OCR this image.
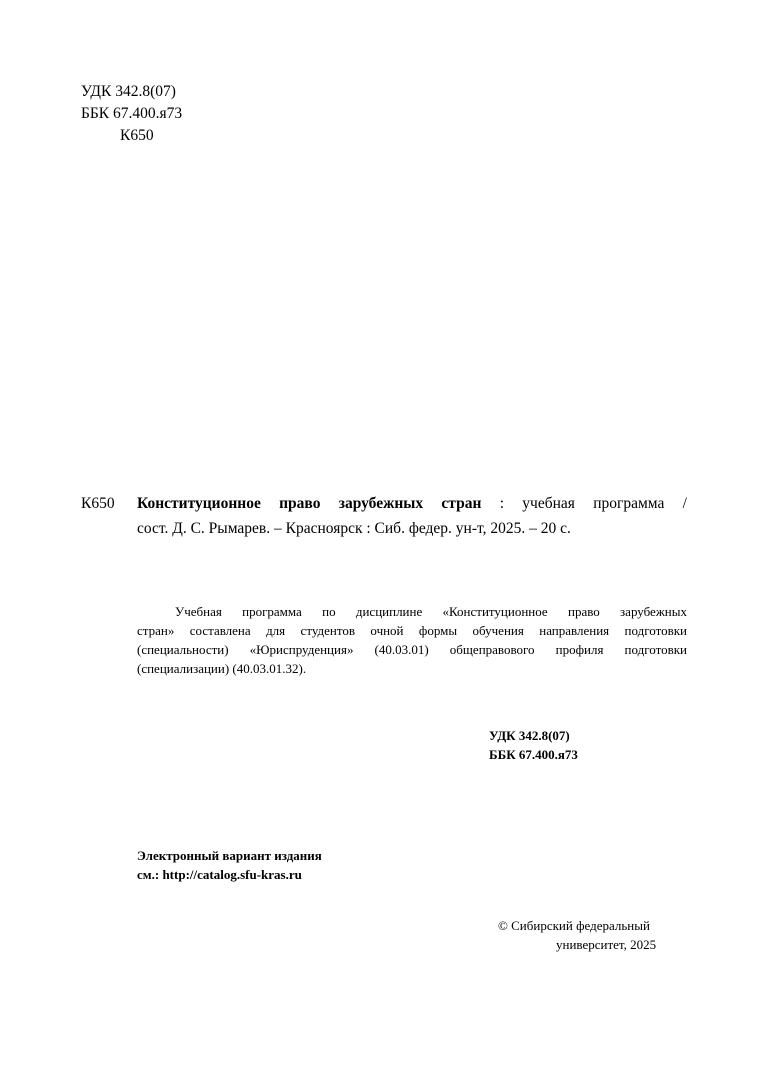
УДК 342.8(07)
ББК 67.400.я73
К650
К650 Конституционное право зарубежных стран : учебная программа /
сост. Д. С. Рымарев. – Красноярск : Сиб. федер. ун-т, 2025. – 20 с.
Учебная программа по дисциплине «Конституционное право зарубежных
стран» составлена для студентов очной формы обучения направления подготовки
(специальности) «Юриспруденция» (40.03.01) общеправового профиля подготовки
(специализации) (40.03.01.32).
УДК 342.8(07)
ББК 67.400.я73
Электронный вариант издания
см.: http://catalog.sfu-kras.ru
© Сибирский федеральный
университет, 2025
